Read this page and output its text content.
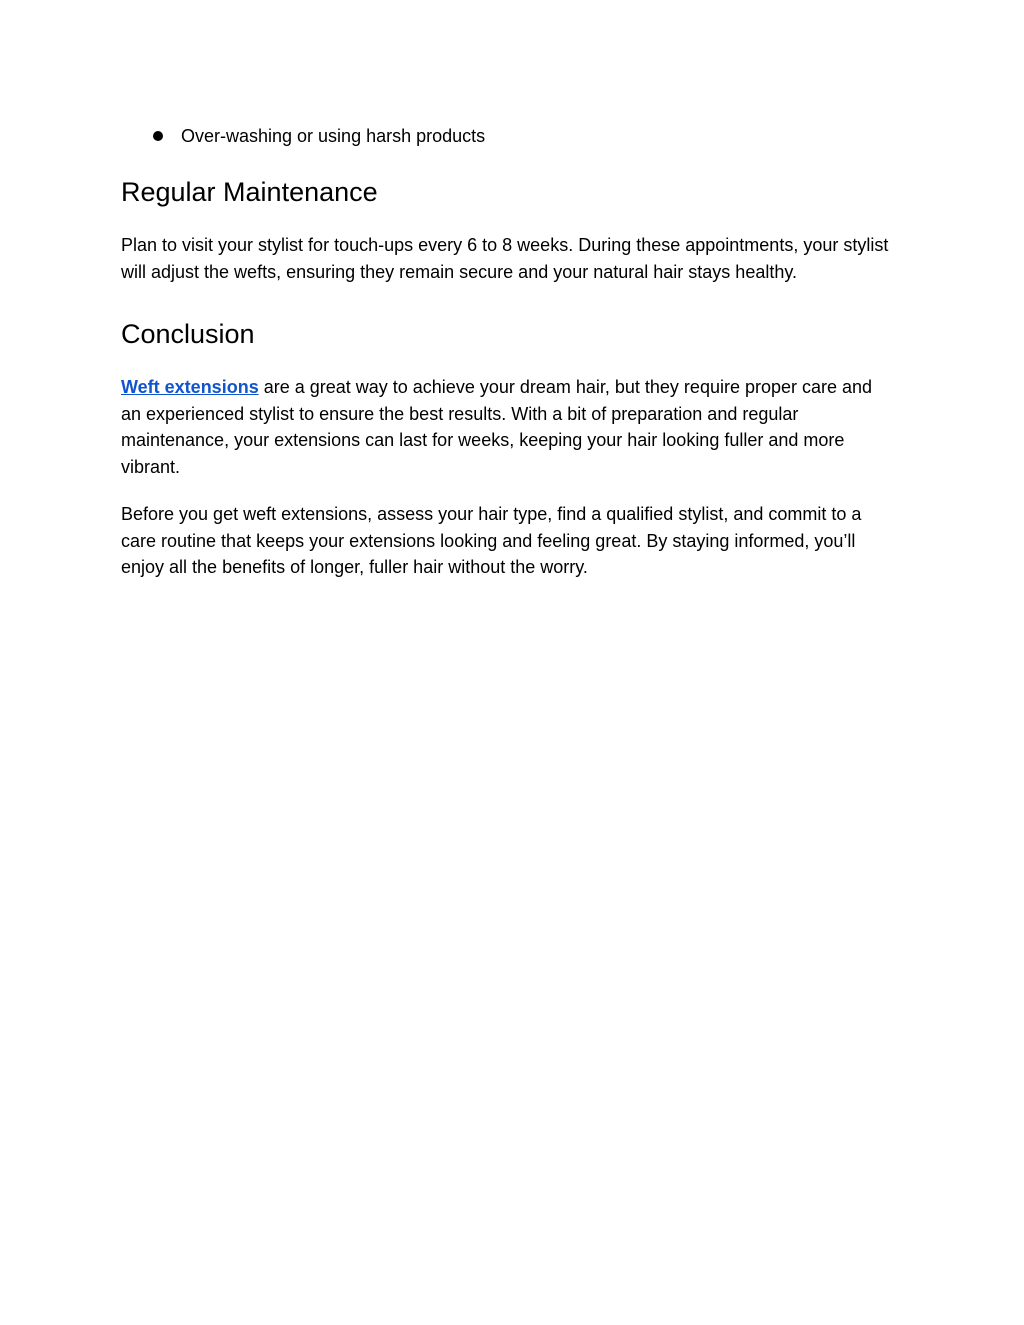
Over-washing or using harsh products
Regular Maintenance

Plan to visit your stylist for touch-ups every 6 to 8 weeks. During these appointments, your stylist will adjust the wefts, ensuring they remain secure and your natural hair stays healthy.

Conclusion

Weft extensions are a great way to achieve your dream hair, but they require proper care and an experienced stylist to ensure the best results. With a bit of preparation and regular maintenance, your extensions can last for weeks, keeping your hair looking fuller and more vibrant.

Before you get weft extensions, assess your hair type, find a qualified stylist, and commit to a care routine that keeps your extensions looking and feeling great. By staying informed, you’ll enjoy all the benefits of longer, fuller hair without the worry.
